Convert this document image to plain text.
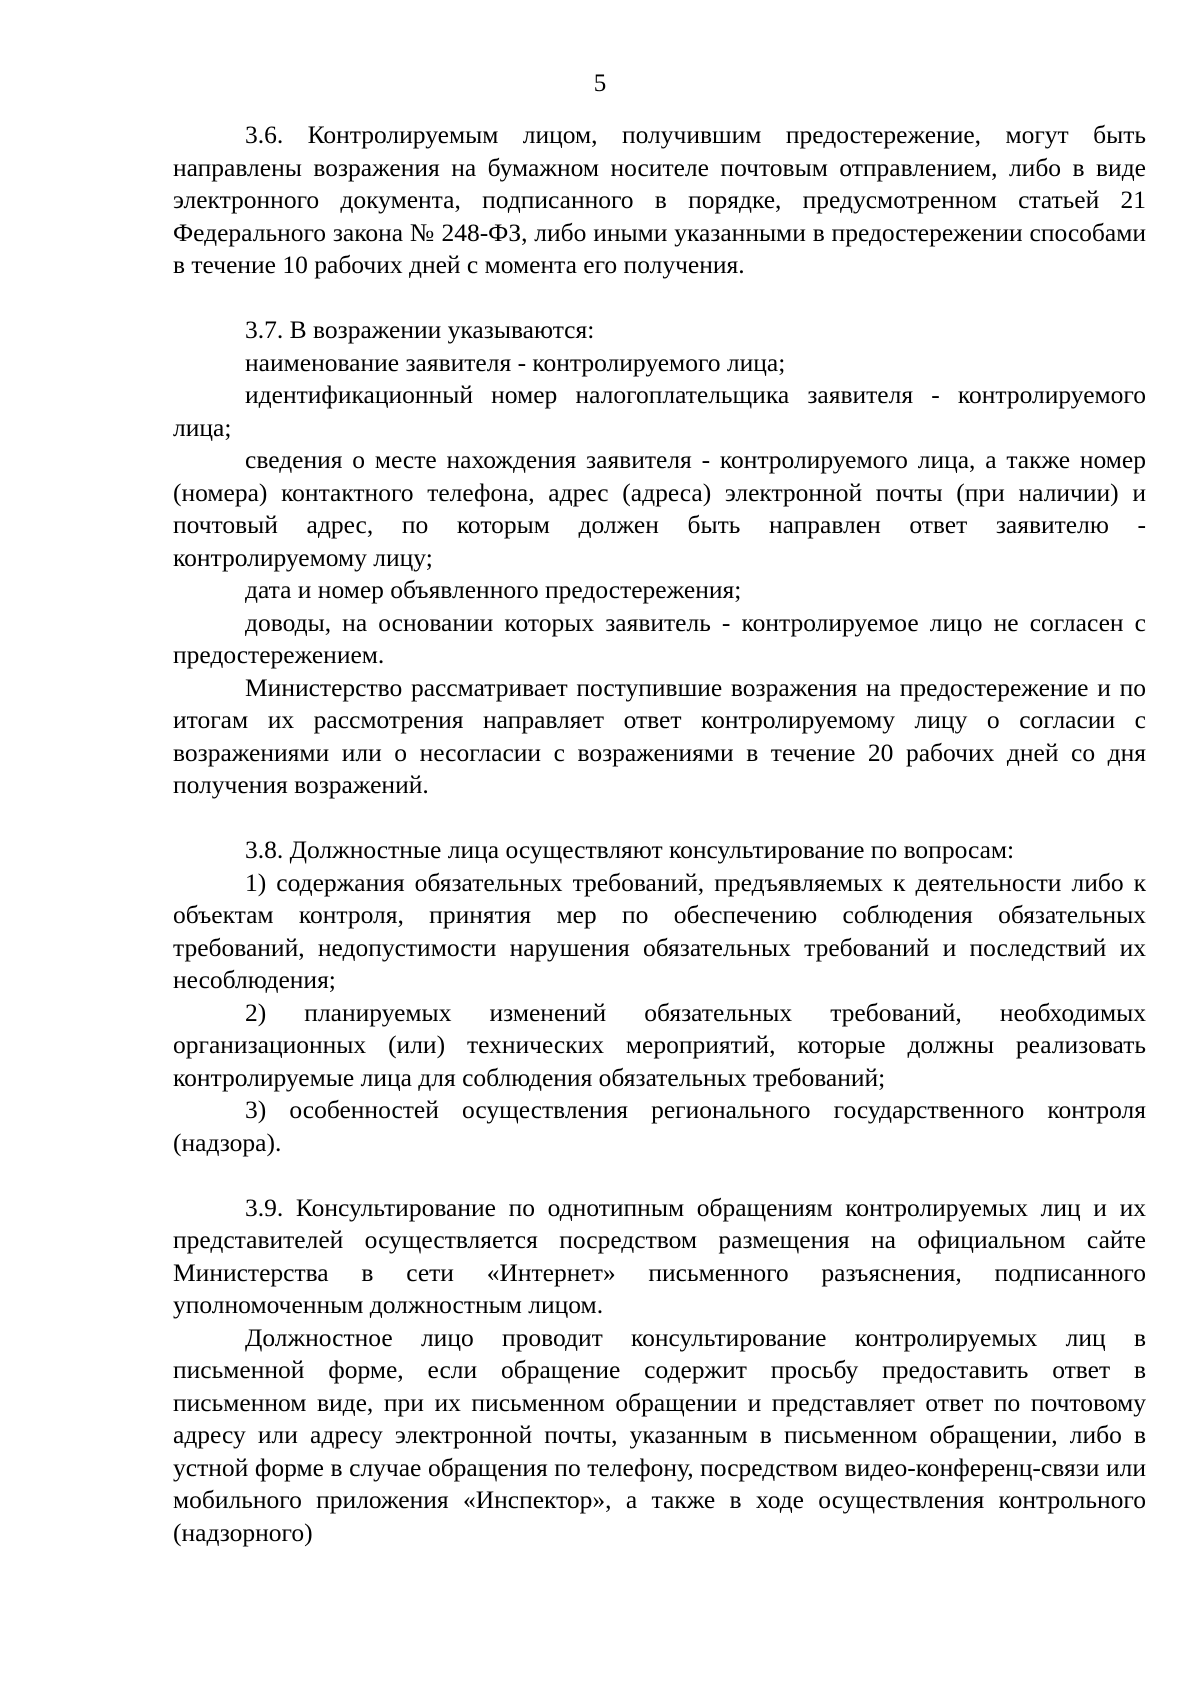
5

3.6. Контролируемым лицом, получившим предостережение, могут быть направлены возражения на бумажном носителе почтовым отправлением, либо в виде электронного документа, подписанного в порядке, предусмотренном статьей 21 Федерального закона № 248-ФЗ, либо иными указанными в предостережении способами в течение 10 рабочих дней с момента его получения.

3.7. В возражении указываются:

наименование заявителя - контролируемого лица;

идентификационный номер налогоплательщика заявителя - контролируемого лица;

сведения о месте нахождения заявителя - контролируемого лица, а также номер (номера) контактного телефона, адрес (адреса) электронной почты (при наличии) и почтовый адрес, по которым должен быть направлен ответ заявителю - контролируемому лицу;

дата и номер объявленного предостережения;

доводы, на основании которых заявитель - контролируемое лицо не согласен с предостережением.

Министерство рассматривает поступившие возражения на предостережение и по итогам их рассмотрения направляет ответ контролируемому лицу о согласии с возражениями или о несогласии с возражениями в течение 20 рабочих дней со дня получения возражений.

3.8. Должностные лица осуществляют консультирование по вопросам:

1) содержания обязательных требований, предъявляемых к деятельности либо к объектам контроля, принятия мер по обеспечению соблюдения обязательных требований, недопустимости нарушения обязательных требований и последствий их несоблюдения;

2) планируемых изменений обязательных требований, необходимых организационных (или) технических мероприятий, которые должны реализовать контролируемые лица для соблюдения обязательных требований;

3) особенностей осуществления регионального государственного контроля (надзора).

3.9. Консультирование по однотипным обращениям контролируемых лиц и их представителей осуществляется посредством размещения на официальном сайте Министерства в сети «Интернет» письменного разъяснения, подписанного уполномоченным должностным лицом.

Должностное лицо проводит консультирование контролируемых лиц в письменной форме, если обращение содержит просьбу предоставить ответ в письменном виде, при их письменном обращении и представляет ответ по почтовому адресу или адресу электронной почты, указанным в письменном обращении, либо в устной форме в случае обращения по телефону, посредством видео-конференц-связи или мобильного приложения «Инспектор», а также в ходе осуществления контрольного (надзорного)
